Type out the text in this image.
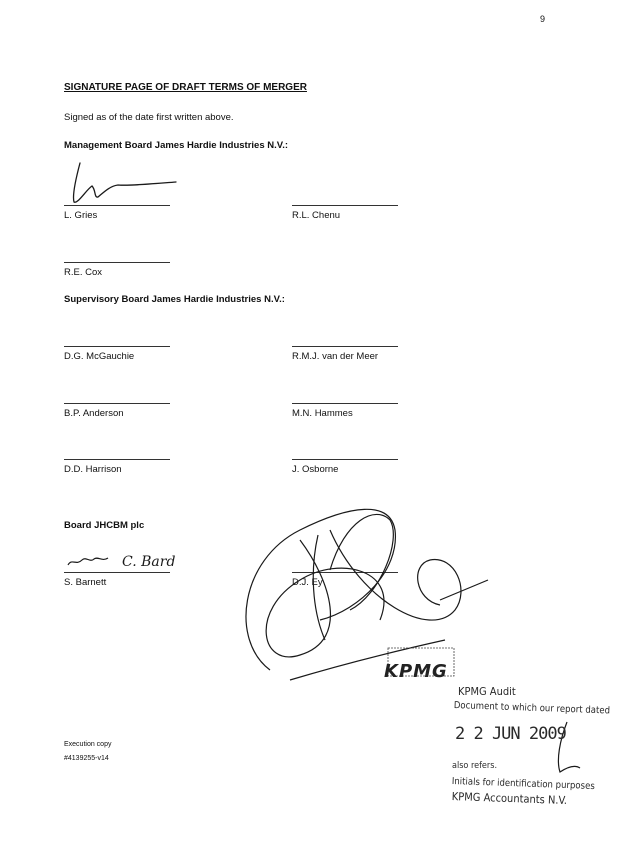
9
SIGNATURE PAGE OF DRAFT TERMS OF MERGER
Signed as of the date first written above.
Management Board James Hardie Industries N.V.:
L. Gries	R.L. Chenu
R.E. Cox
Supervisory Board James Hardie Industries N.V.:
D.G. McGauchie	R.M.J. van der Meer
B.P. Anderson	M.N. Hammes
D.D. Harrison	J. Osborne
Board JHCBM plc
S. Barnett	D.J. Ey
Execution copy
#4139255-v14
C. Bard
KPMG
KPMG Audit
Document to which our report dated
2 2 JUN 2009
also refers.
Initials for identification purposes
KPMG Accountants N.V.
